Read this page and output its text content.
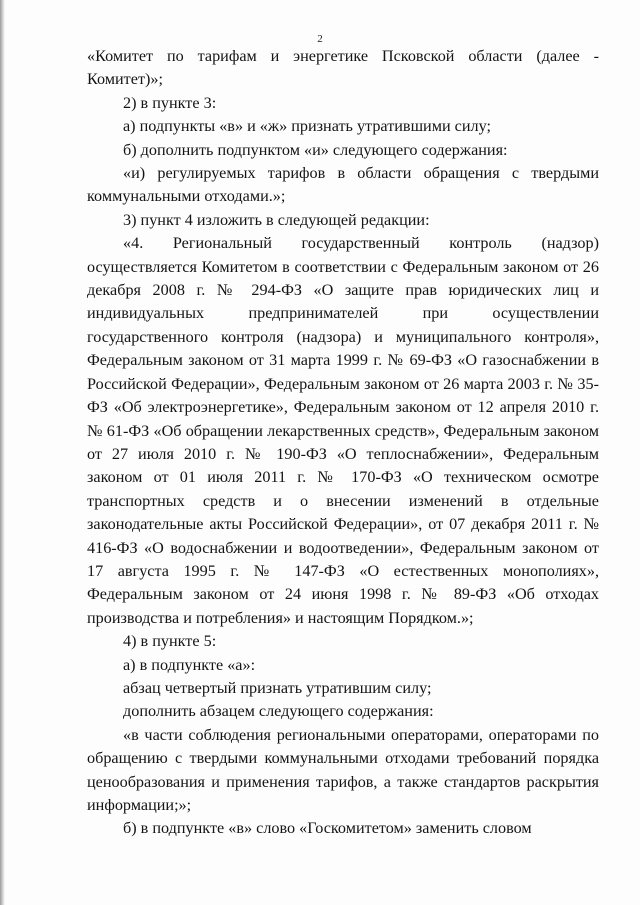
2

«Комитет по тарифам и энергетике Псковской области (далее - Комитет)»;

2) в пункте 3:

а) подпункты «в» и «ж» признать утратившими силу;

б) дополнить подпунктом «и» следующего содержания:

«и) регулируемых тарифов в области обращения с твердыми коммунальными отходами.»;

3) пункт 4 изложить в следующей редакции:

«4. Региональный государственный контроль (надзор) осуществляется Комитетом в соответствии с Федеральным законом от 26 декабря 2008 г. № 294-ФЗ «О защите прав юридических лиц и индивидуальных предпринимателей при осуществлении государственного контроля (надзора) и муниципального контроля», Федеральным законом от 31 марта 1999 г. № 69-ФЗ «О газоснабжении в Российской Федерации», Федеральным законом от 26 марта 2003 г. № 35-ФЗ «Об электроэнергетике», Федеральным законом от 12 апреля 2010 г. № 61-ФЗ «Об обращении лекарственных средств», Федеральным законом от 27 июля 2010 г. № 190-ФЗ «О теплоснабжении», Федеральным законом от 01 июля 2011 г. № 170-ФЗ «О техническом осмотре транспортных средств и о внесении изменений в отдельные законодательные акты Российской Федерации», от 07 декабря 2011 г. № 416-ФЗ «О водоснабжении и водоотведении», Федеральным законом от 17 августа 1995 г. № 147-ФЗ «О естественных монополиях», Федеральным законом от 24 июня 1998 г. № 89-ФЗ «Об отходах производства и потребления» и настоящим Порядком.»;

4) в пункте 5:

а) в подпункте «а»:

абзац четвертый признать утратившим силу;

дополнить абзацем следующего содержания:

«в части соблюдения региональными операторами, операторами по обращению с твердыми коммунальными отходами требований порядка ценообразования и применения тарифов, а также стандартов раскрытия информации;»;

б) в подпункте «в» слово «Госкомитетом» заменить словом
